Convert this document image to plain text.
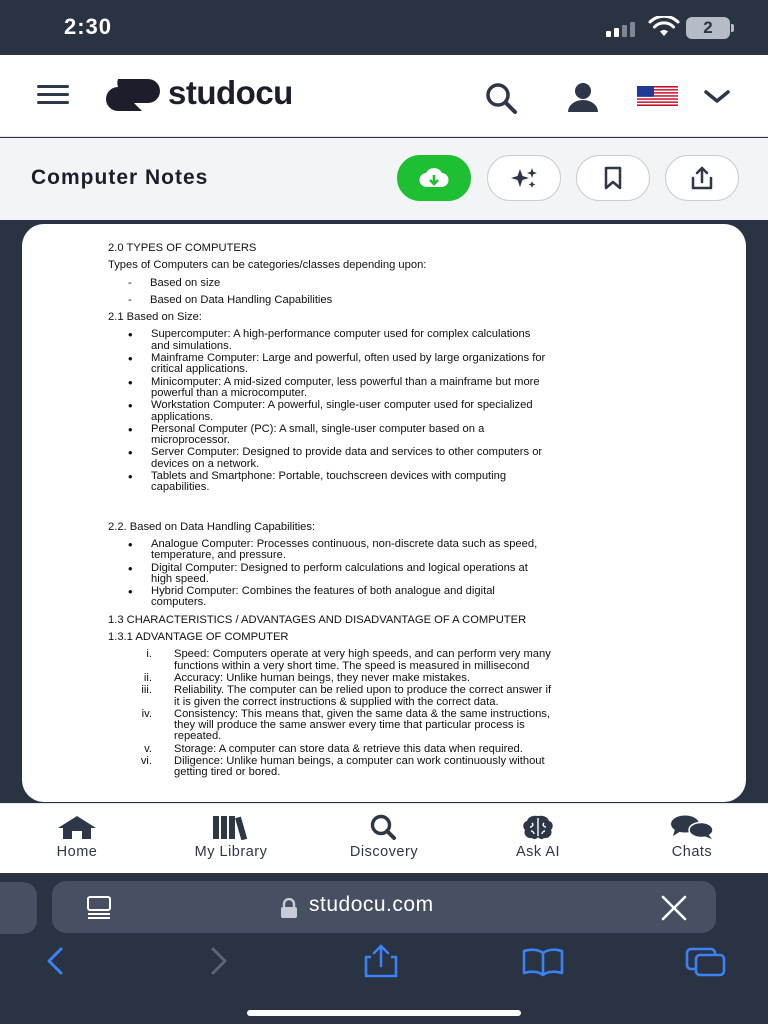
2:30	2
studocu
Computer Notes
2.0 TYPES OF COMPUTERS
Types of Computers can be categories/classes depending upon:
- Based on size
- Based on Data Handling Capabilities
2.1 Based on Size:
• Supercomputer: A high-performance computer used for complex calculations
and simulations.
• Mainframe Computer: Large and powerful, often used by large organizations for
critical applications.
• Minicomputer: A mid-sized computer, less powerful than a mainframe but more
powerful than a microcomputer.
• Workstation Computer: A powerful, single-user computer used for specialized
applications.
• Personal Computer (PC): A small, single-user computer based on a
microprocessor.
• Server Computer: Designed to provide data and services to other computers or
devices on a network.
• Tablets and Smartphone: Portable, touchscreen devices with computing
capabilities.
2.2. Based on Data Handling Capabilities:
• Analogue Computer: Processes continuous, non-discrete data such as speed,
temperature, and pressure.
• Digital Computer: Designed to perform calculations and logical operations at
high speed.
• Hybrid Computer: Combines the features of both analogue and digital
computers.
1.3 CHARACTERISTICS / ADVANTAGES AND DISADVANTAGE OF A COMPUTER
1.3.1 ADVANTAGE OF COMPUTER
i.	Speed: Computers operate at very high speeds, and can perform very many
functions within a very short time. The speed is measured in millisecond
ii.	Accuracy: Unlike human beings, they never make mistakes.
iii.	Reliability. The computer can be relied upon to produce the correct answer if
it is given the correct instructions & supplied with the correct data.
iv.	Consistency: This means that, given the same data & the same instructions,
they will produce the same answer every time that particular process is
repeated.
v.	Storage: A computer can store data & retrieve this data when required.
vi.	Diligence: Unlike human beings, a computer can work continuously without
getting tired or bored.
Home	My Library	Discovery	Ask AI	Chats
studocu.com
